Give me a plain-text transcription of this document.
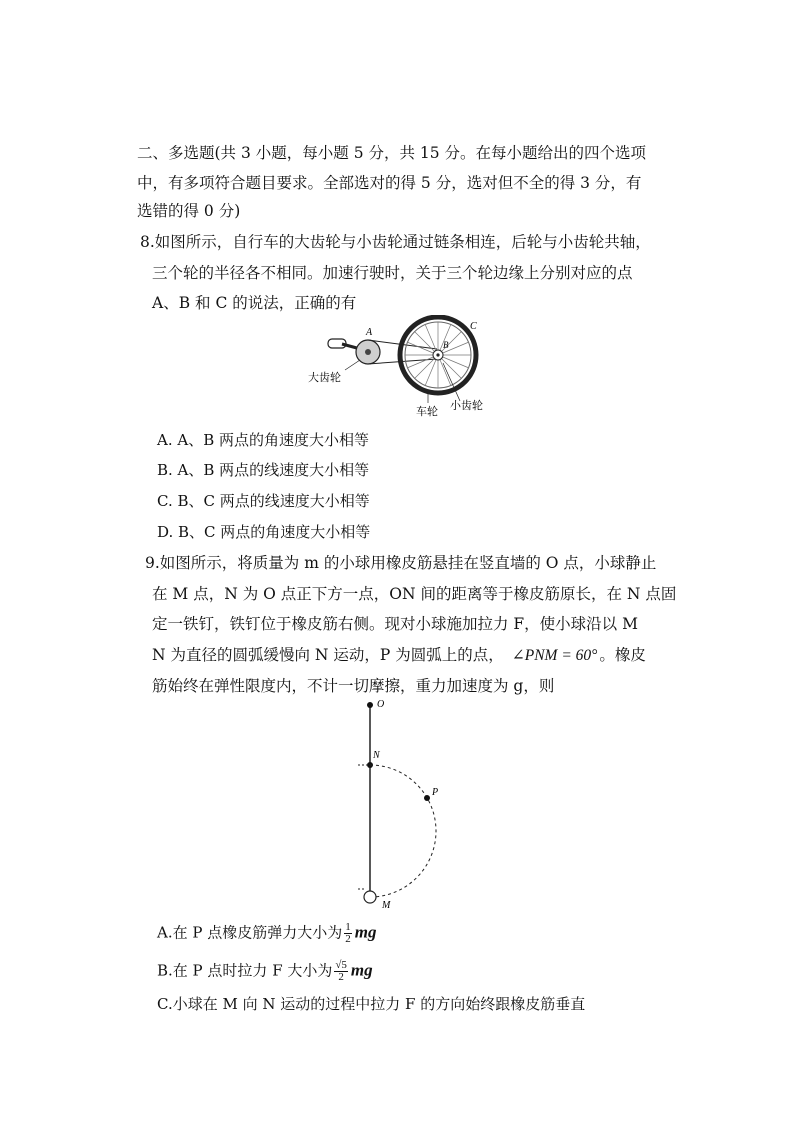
二、多选题(共 3 小题，每小题 5 分，共 15 分。在每小题给出的四个选项
中，有多项符合题目要求。全部选对的得 5 分，选对但不全的得 3 分，有
选错的得 0 分)
8.如图所示，自行车的大齿轮与小齿轮通过链条相连，后轮与小齿轮共轴，
三个轮的半径各不相同。加速行驶时，关于三个轮边缘上分别对应的点
A、B 和 C 的说法，正确的有
A
B
C
大齿轮
车轮 小齿轮
A. A、B 两点的角速度大小相等
B. A、B 两点的线速度大小相等
C. B、C 两点的线速度大小相等
D. B、C 两点的角速度大小相等
9.如图所示，将质量为 m 的小球用橡皮筋悬挂在竖直墙的 O 点，小球静止
在 M 点，N 为 O 点正下方一点，ON 间的距离等于橡皮筋原长，在 N 点固
定一铁钉，铁钉位于橡皮筋右侧。现对小球施加拉力 F，使小球沿以 M
N 为直径的圆弧缓慢向 N 运动，P 为圆弧上的点， ∠PNM = 60° 。橡皮
筋始终在弹性限度内，不计一切摩擦，重力加速度为 g，则
O
N
P
M
A.在 P 点橡皮筋弹力大小为 $\frac{1}{2}$ mg
B.在 P 点时拉力 F 大小为 $\frac{√5}{2}$ mg
C.小球在 M 向 N 运动的过程中拉力 F 的方向始终跟橡皮筋垂直
